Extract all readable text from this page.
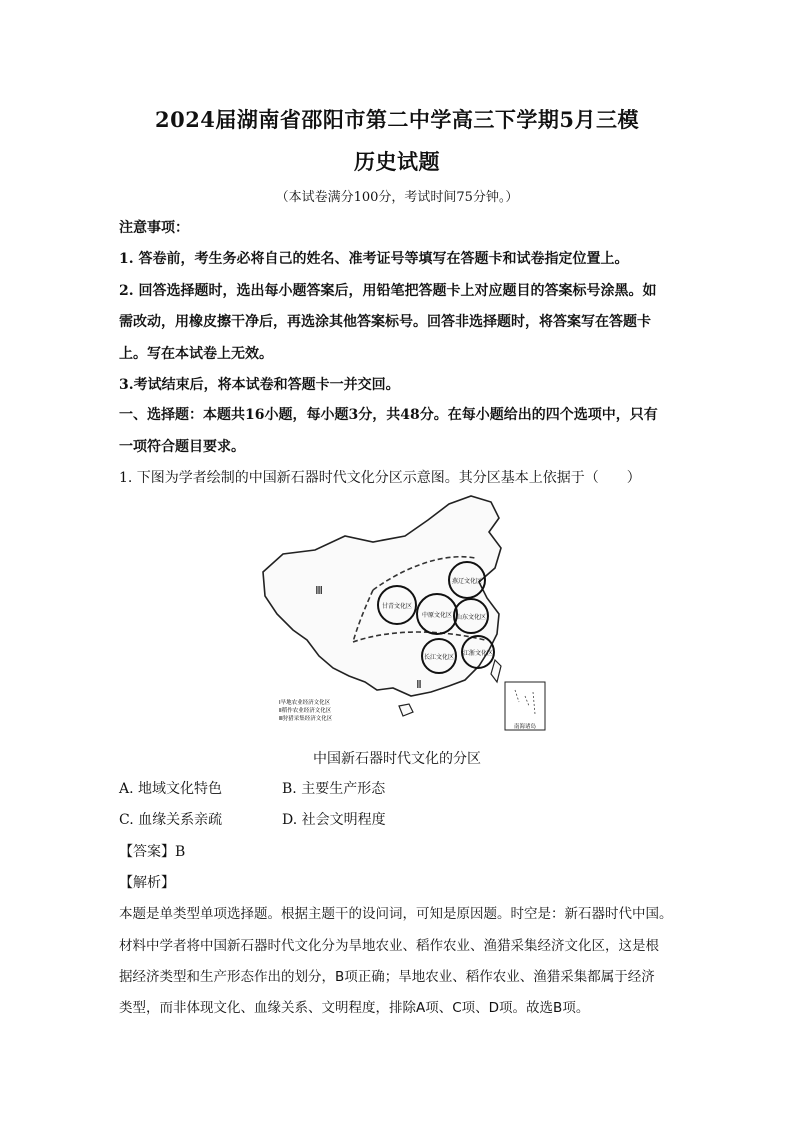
2024届湖南省邵阳市第二中学高三下学期5月三模
历史试题
（本试卷满分100分，考试时间75分钟。）
注意事项：
1. 答卷前，考生务必将自己的姓名、准考证号等填写在答题卡和试卷指定位置上。
2. 回答选择题时，选出每小题答案后，用铅笔把答题卡上对应题目的答案标号涂黑。如
需改动，用橡皮擦干净后，再选涂其他答案标号。回答非选择题时，将答案写在答题卡
上。写在本试卷上无效。
3.考试结束后，将本试卷和答题卡一并交回。
一、选择题：本题共16小题，每小题3分，共48分。在每小题给出的四个选项中，只有
一项符合题目要求。
1. 下图为学者绘制的中国新石器时代文化分区示意图。其分区基本上依据于（　　）
Ⅲ
Ⅱ
燕辽文化区
甘青文化区
中原文化区 山东文化区
长江文化区
江浙文化区
Ⅰ旱地农业经济文化区
Ⅱ稻作农业经济文化区
Ⅲ狩猎采集经济文化区
南海诸岛
中国新石器时代文化的分区
A. 地域文化特色	B. 主要生产形态
C. 血缘关系亲疏	D. 社会文明程度
【答案】B
【解析】
本题是单类型单项选择题。根据主题干的设问词，可知是原因题。时空是：新石器时代中国。
材料中学者将中国新石器时代文化分为旱地农业、稻作农业、渔猎采集经济文化区，这是根
据经济类型和生产形态作出的划分，B项正确；旱地农业、稻作农业、渔猎采集都属于经济
类型，而非体现文化、血缘关系、文明程度，排除A项、C项、D项。故选B项。
